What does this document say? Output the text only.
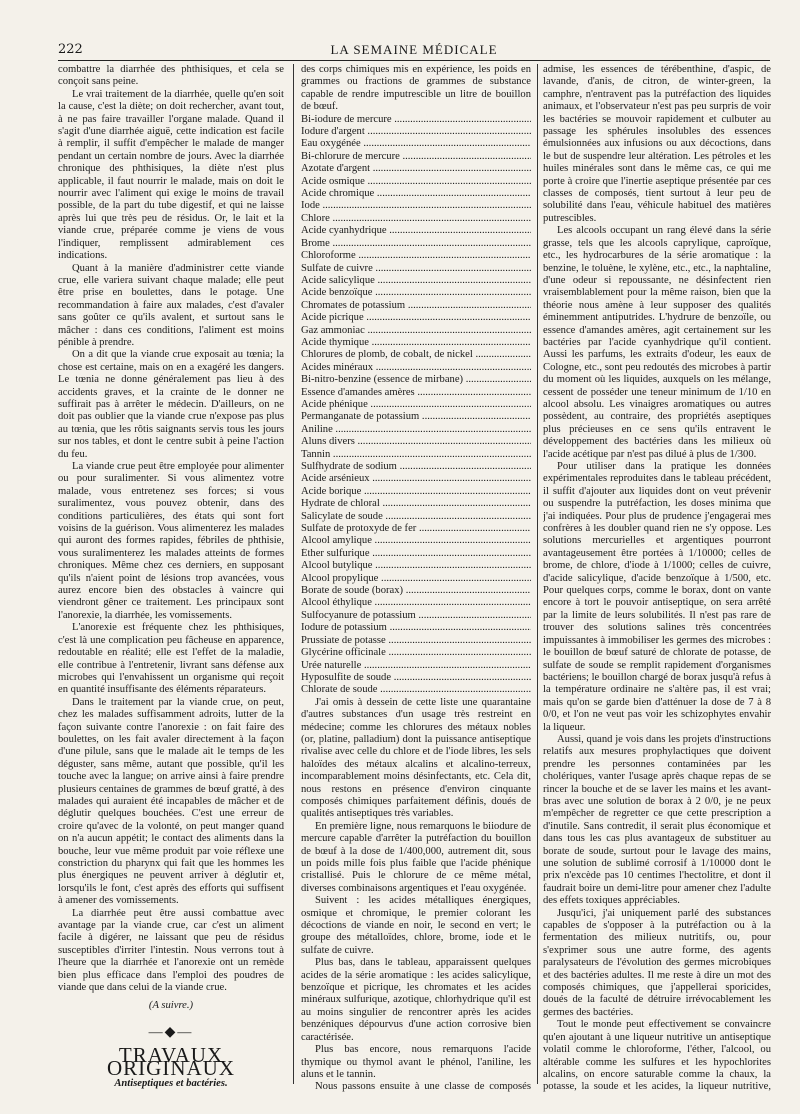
222	LA SEMAINE MÉDICALE

combattre la diarrhée des phthisiques, et cela se conçoit sans peine.

Le vrai traitement de la diarrhée, quelle qu'en soit la cause, c'est la diète; on doit rechercher, avant tout, à ne pas faire travailler l'organe malade. Quand il s'agit d'une diarrhée aiguë, cette indication est facile à remplir, il suffit d'empêcher le malade de manger pendant un certain nombre de jours. Avec la diarrhée chronique des phthisiques, la diète n'est plus applicable, il faut nourrir le malade, mais on doit le nourrir avec l'aliment qui exige le moins de travail possible, de la part du tube digestif, et qui ne laisse après lui que très peu de résidus. Or, le lait et la viande crue, préparée comme je viens de vous l'indiquer, remplissent admirablement ces indications.

Quant à la manière d'administrer cette viande crue, elle variera suivant chaque malade; elle peut être prise en boulettes, dans le potage. Une recommandation à faire aux malades, c'est d'avaler sans goûter ce qu'ils avalent, et surtout sans le mâcher : dans ces conditions, l'aliment est moins pénible à prendre.

On a dit que la viande crue exposait au tœnia; la chose est certaine, mais on en a exagéré les dangers. Le tœnia ne donne généralement pas lieu à des accidents graves, et la crainte de le donner ne suffirait pas à arrêter le médecin. D'ailleurs, on ne doit pas oublier que la viande crue n'expose pas plus au tœnia, que les rôtis saignants servis tous les jours sur nos tables, et dont le centre subit à peine l'action du feu.

La viande crue peut être employée pour alimenter ou pour suralimenter. Si vous alimentez votre malade, vous entretenez ses forces; si vous suralimentez, vous pouvez obtenir, dans des conditions particulières, des états qui sont fort voisins de la guérison. Vous alimenterez les malades qui auront des formes rapides, fébriles de phthisie, vous suralimenterez les malades atteints de formes chroniques. Même chez ces derniers, en supposant qu'ils n'aient point de lésions trop avancées, vous aurez encore bien des obstacles à vaincre qui viendront gêner ce traitement. Les principaux sont l'anorexie, la diarrhée, les vomissements.

L'anorexie est fréquente chez les phthisiques, c'est là une complication peu fâcheuse en apparence, redoutable en réalité; elle est l'effet de la maladie, elle contribue à l'entretenir, livrant sans défense aux microbes qui l'envahissent un organisme qui reçoit en quantité insuffisante des éléments réparateurs.

Dans le traitement par la viande crue, on peut, chez les malades suffisamment adroits, lutter de la façon suivante contre l'anorexie : on fait faire des boulettes, on les fait avaler directement à la façon d'une pilule, sans que le malade ait le temps de les déguster, sans même, autant que possible, qu'il les touche avec la langue; on arrive ainsi à faire prendre plusieurs centaines de grammes de bœuf gratté, à des malades qui auraient été incapables de mâcher et de déglutir quelques bouchées. C'est une erreur de croire qu'avec de la volonté, on peut manger quand on n'a aucun appétit; le contact des aliments dans la bouche, leur vue même produit par voie réflexe une constriction du pharynx qui fait que les hommes les plus énergiques ne peuvent arriver à déglutir et, lorsqu'ils le font, c'est après des efforts qui suffisent à amener des vomissements.

La diarrhée peut être aussi combattue avec avantage par la viande crue, car c'est un aliment facile à digérer, ne laissant que peu de résidus susceptibles d'irriter l'intestin. Nous verrons tout à l'heure que la diarrhée et l'anorexie ont un remède bien plus efficace dans l'emploi des poudres de viande que dans celui de la viande crue.

(A suivre.)
—◆—
TRAVAUX ORIGINAUX
Antiseptiques et bactéries.

des corps chimiques mis en expérience, les poids en grammes ou fractions de grammes de substance capable de rendre imputrescible un litre de bouillon de bœuf.

Bi-iodure de mercure .....	
Iodure d'argent .....	
Eau oxygénée .....	
Bi-chlorure de mercure .....	
Azotate d'argent .....	
Acide osmique .....	
Acide chromique .....	
Iode .....	
Chlore .....	
Acide cyanhydrique .....	
Brome .....	
Chloroforme .....	
Sulfate de cuivre .....	
Acide salicylique .....	
Acide benzoïque .....	
Chromates de potassium .....	
Acide picrique .....	
Gaz ammoniac .....	
Acide thymique .....	
Chlorures de plomb, de cobalt, de nickel .....	
Acides minéraux .....	
Bi-nitro-benzine (essence de mirbane) .....	
Essence d'amandes amères .....	
Acide phénique .....	
Permanganate de potassium .....	
Aniline .....	
Aluns divers .....	
Tannin .....	
Sulfhydrate de sodium .....	
Acide arsénieux .....	
Acide borique .....	
Hydrate de chloral .....	
Salicylate de soude .....	
Sulfate de protoxyde de fer .....	
Alcool amylique .....	
Éther sulfurique .....	
Alcool butylique .....	
Alcool propylique .....	
Borate de soude (borax) .....	
Alcool éthylique .....	
Sulfocyanure de potassium .....	
Iodure de potassium .....	
Prussiate de potasse .....	
Glycérine officinale .....	
Urée naturelle .....	
Hyposulfite de soude .....	
Chlorate de soude .....	

J'ai omis à dessein de cette liste une quarantaine d'autres substances d'un usage très restreint en médecine; comme les chlorures des métaux nobles (or, platine, palladium) dont la puissance antiseptique rivalise avec celle du chlore et de l'iode libres, les sels haloïdes des métaux alcalins et alcalino-terreux, incomparablement moins désinfectants, etc. Cela dit, nous restons en présence d'environ cinquante composés chimiques parfaitement définis, doués de qualités antiseptiques très variables.

En première ligne, nous remarquons le biiodure de mercure capable d'arrêter la putréfaction du bouillon de bœuf à la dose de 1/400,000, autrement dit, sous un poids mille fois plus faible que l'acide phénique cristallisé. Puis le chlorure de ce même métal, diverses combinaisons argentiques et l'eau oxygénée.

Suivent : les acides métalliques énergiques, osmique et chromique, le premier colorant les décoctions de viande en noir, le second en vert; le groupe des métalloïdes, chlore, brome, iode et le sulfate de cuivre.

Plus bas, dans le tableau, apparaissent quelques acides de la série aromatique : les acides salicylique, benzoïque et picrique, les chromates et les acides minéraux sulfurique, azotique, chlorhydrique qu'il est au moins singulier de rencontrer après les acides benzéniques dépourvus d'une action corrosive bien caractérisée.

Plus bas encore, nous remarquons l'acide thymique ou thymol avant le phénol, l'aniline, les aluns et le tannin.

Nous passons ensuite à une classe de composés

admise, les essences de térébenthine, d'aspic, de lavande, d'anis, de citron, de winter-green, la camphre, n'entravent pas la putréfaction des liquides animaux, et l'observateur n'est pas peu surpris de voir les bactéries se mouvoir rapidement et culbuter au passage les sphérules insolubles des essences émulsionnées aux infusions ou aux décoctions, dans le but de suspendre leur altération. Les pétroles et les huiles minérales sont dans le même cas, ce qui me porte à croire que l'inertie aseptique présentée par ces classes de composés, tient surtout à leur peu de solubilité dans l'eau, véhicule habituel des matières putrescibles.

Les alcools occupant un rang élevé dans la série grasse, tels que les alcools caprylique, caproïque, etc., les hydrocarbures de la série aromatique : la benzine, le toluène, le xylène, etc., etc., la naphtaline, d'une odeur si repoussante, ne désinfectent rien vraisemblablement pour la même raison, bien que la théorie nous amène à leur supposer des qualités éminemment antiputrides. L'hydrure de benzoïle, ou essence d'amandes amères, agit certainement sur les bactéries par l'acide cyanhydrique qu'il contient. Aussi les parfums, les extraits d'odeur, les eaux de Cologne, etc., sont peu redoutés des microbes à partir du moment où les liquides, auxquels on les mélange, cessent de posséder une teneur minimum de 1/10 en alcool absolu. Les vinaigres aromatiques ou autres possèdent, au contraire, des propriétés aseptiques plus précieuses en ce sens qu'ils entravent le développement des bactéries dans les milieux où l'acide acétique par n'est pas dilué à plus de 1/300.

Pour utiliser dans la pratique les données expérimentales reproduites dans le tableau précédent, il suffit d'ajouter aux liquides dont on veut prévenir ou suspendre la putréfaction, les doses minima que j'ai indiquées. Pour plus de prudence j'engagerai mes confrères à les doubler quand rien ne s'y oppose. Les solutions mercurielles et argentiques pourront avantageusement être portées à 1/10000; celles de brome, de chlore, d'iode à 1/1000; celles de cuivre, d'acide salicylique, d'acide benzoïque à 1/500, etc. Pour quelques corps, comme le borax, dont on vante encore à tort le pouvoir antiseptique, on sera arrêté par la limite de leurs solubilités. Il n'est pas rare de trouver des solutions salines très concentrées impuissantes à immobiliser les germes des microbes : le bouillon de bœuf saturé de chlorate de potasse, de sulfate de soude se remplit rapidement d'organismes bactériens; le bouillon chargé de borax jusqu'à refus à la température ordinaire ne s'altère pas, il est vrai; mais qu'on se garde bien d'atténuer la dose de 7 à 8 0/0, et l'on ne veut pas voir les schizophytes envahir la liqueur.

Aussi, quand je vois dans les projets d'instructions relatifs aux mesures prophylactiques que doivent prendre les personnes contaminées par les cholériques, vanter l'usage après chaque repas de se rincer la bouche et de se laver les mains et les avant-bras avec une solution de borax à 2 0/0, je ne peux m'empêcher de regretter ce que cette prescription a d'inutile. Sans contredit, il serait plus économique et dans tous les cas plus avantageux de substituer au borate de soude, surtout pour le lavage des mains, une solution de sublimé corrosif à 1/10000 dont le prix n'excède pas 10 centimes l'hectolitre, et dont il faudrait boire un demi-litre pour amener chez l'adulte des effets toxiques appréciables.

Jusqu'ici, j'ai uniquement parlé des substances capables de s'opposer à la putréfaction ou à la fermentation des milieux nutritifs, ou, pour s'exprimer sous une autre forme, des agents paralysateurs de l'évolution des germes microbiques et des bactéries adultes. Il me reste à dire un mot des composés chimiques, que j'appellerai sporicides, doués de la faculté de détruire irrévocablement les germes des bactéries.

Tout le monde peut effectivement se convaincre qu'en ajoutant à une liqueur nutritive un antiseptique volatil comme le chloroforme, l'éther, l'alcool, ou altérable comme les sulfures et les hypochlorites alcalins, on encore saturable comme la chaux, la potasse, la soude et les acides, la liqueur nutritive,
